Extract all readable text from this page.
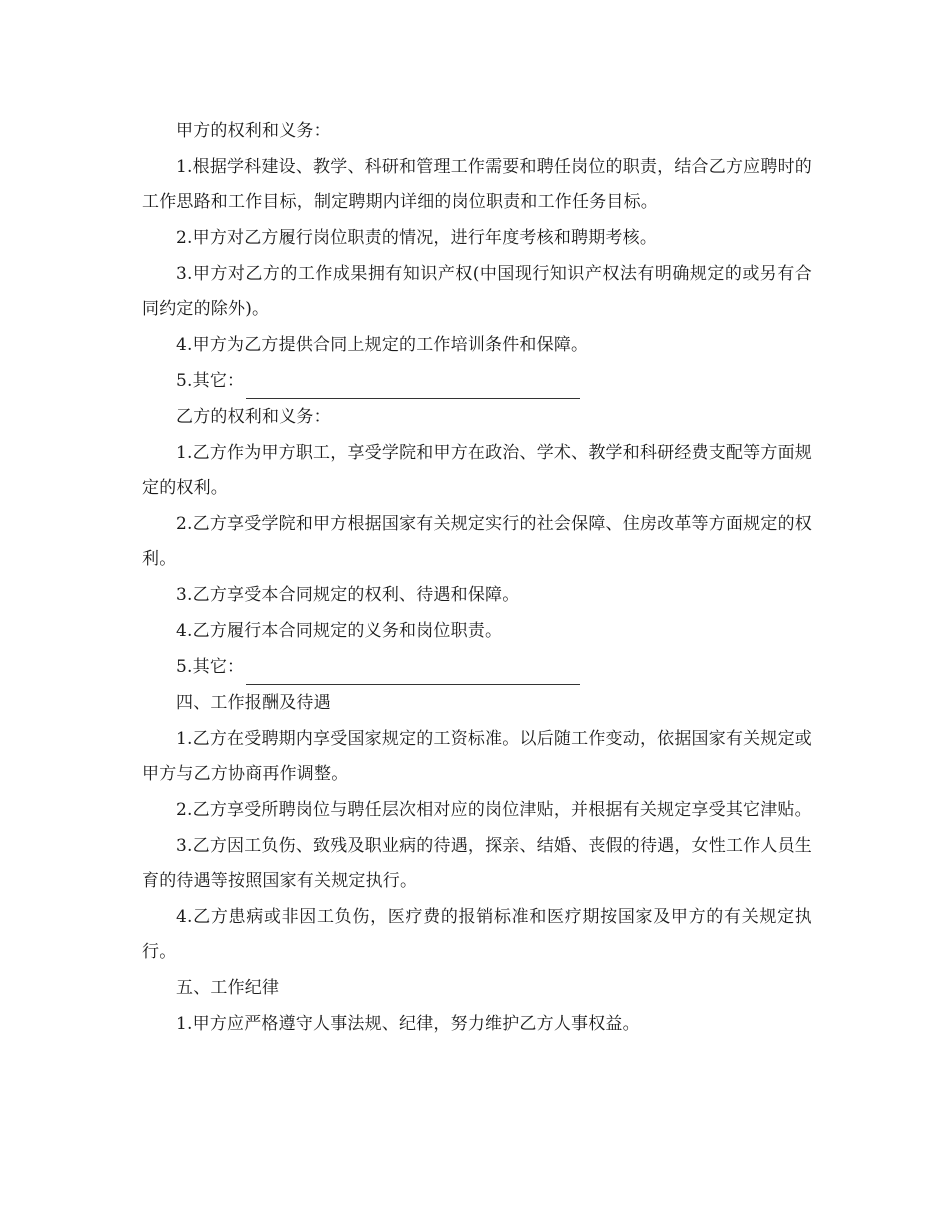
甲方的权利和义务：

1.根据学科建设、教学、科研和管理工作需要和聘任岗位的职责，结合乙方应聘时的工作思路和工作目标，制定聘期内详细的岗位职责和工作任务目标。

2.甲方对乙方履行岗位职责的情况，进行年度考核和聘期考核。

3.甲方对乙方的工作成果拥有知识产权(中国现行知识产权法有明确规定的或另有合同约定的除外)。

4.甲方为乙方提供合同上规定的工作培训条件和保障。

5.其它：

乙方的权利和义务：

1.乙方作为甲方职工，享受学院和甲方在政治、学术、教学和科研经费支配等方面规定的权利。

2.乙方享受学院和甲方根据国家有关规定实行的社会保障、住房改革等方面规定的权利。

3.乙方享受本合同规定的权利、待遇和保障。

4.乙方履行本合同规定的义务和岗位职责。

5.其它：

四、工作报酬及待遇

1.乙方在受聘期内享受国家规定的工资标准。以后随工作变动，依据国家有关规定或甲方与乙方协商再作调整。

2.乙方享受所聘岗位与聘任层次相对应的岗位津贴，并根据有关规定享受其它津贴。

3.乙方因工负伤、致残及职业病的待遇，探亲、结婚、丧假的待遇，女性工作人员生育的待遇等按照国家有关规定执行。

4.乙方患病或非因工负伤，医疗费的报销标准和医疗期按国家及甲方的有关规定执行。

五、工作纪律

1.甲方应严格遵守人事法规、纪律，努力维护乙方人事权益。
